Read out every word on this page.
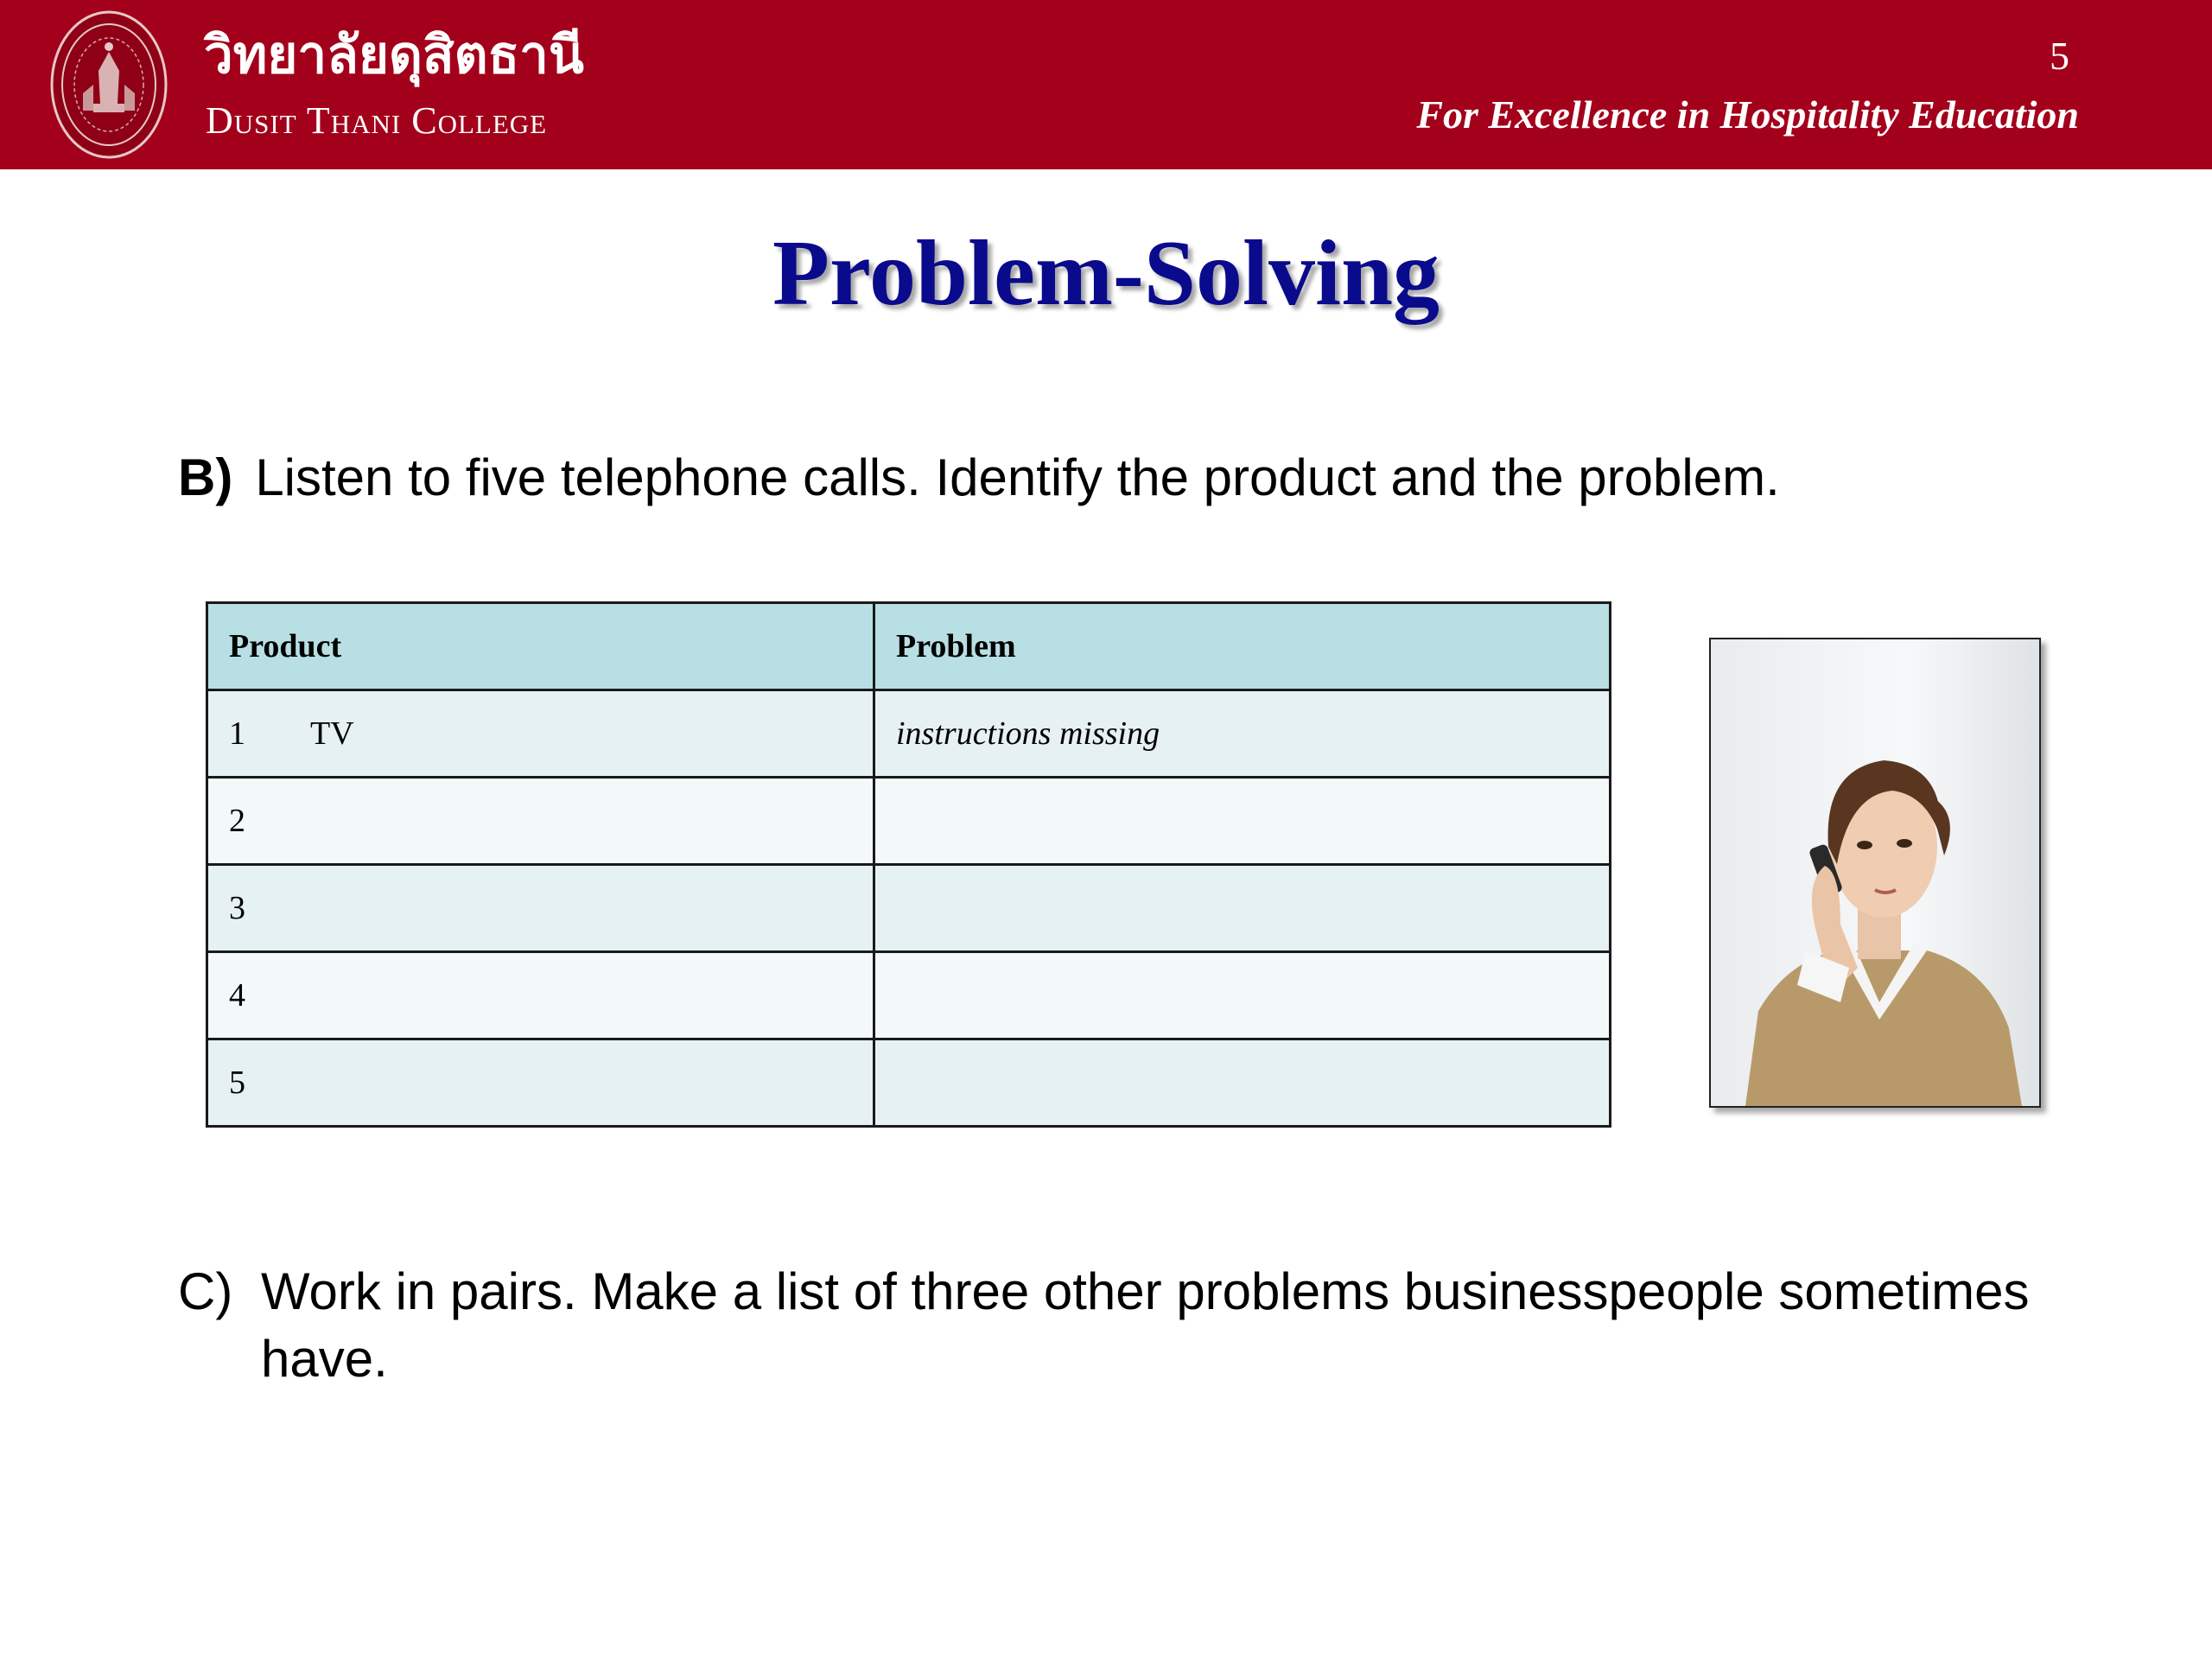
วิทยาลัยดุสิตธานี

Dusit Thani College

5

For Excellence in Hospitality Education

Problem-Solving

B) Listen to five telephone calls. Identify the product and the problem.

Product	Problem
1 TV	instructions missing
2	
3	
4	
5	
C) Work in pairs. Make a list of three other problems businesspeople sometimes have.
